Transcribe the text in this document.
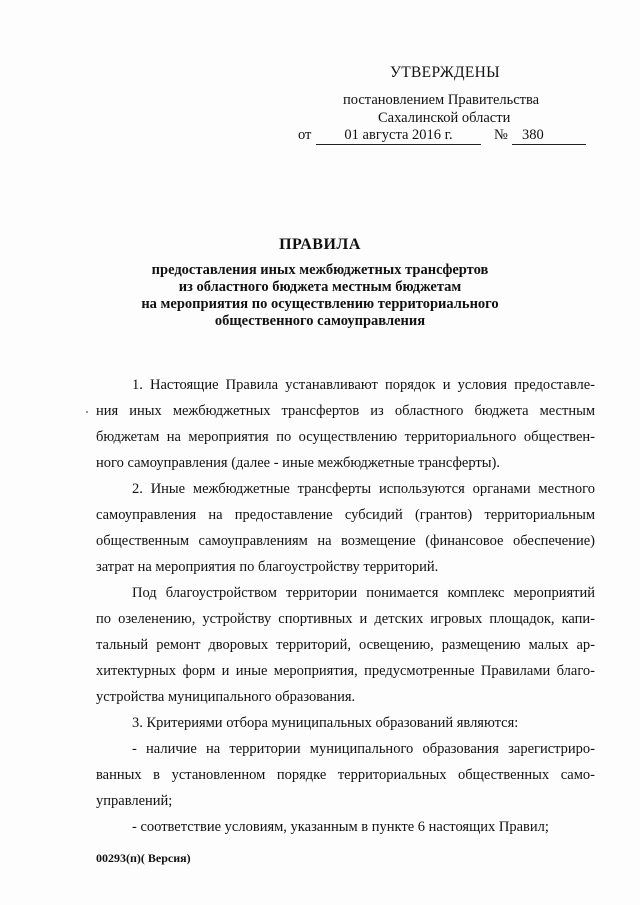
УТВЕРЖДЕНЫ
постановлением Правительства
Сахалинской области
от	01 августа 2016 г.	№ 380
ПРАВИЛА
предоставления иных межбюджетных трансфертов
из областного бюджета местным бюджетам
на мероприятия по осуществлению территориального
общественного самоуправления
1. Настоящие Правила устанавливают порядок и условия предоставле-
ния иных межбюджетных трансфертов из областного бюджета местным
бюджетам на мероприятия по осуществлению территориального обществен-
ного самоуправления (далее - иные межбюджетные трансферты).
2. Иные межбюджетные трансферты используются органами местного
самоуправления на предоставление субсидий (грантов) территориальным
общественным самоуправлениям на возмещение (финансовое обеспечение)
затрат на мероприятия по благоустройству территорий.
Под благоустройством территории понимается комплекс мероприятий
по озеленению, устройству спортивных и детских игровых площадок, капи-
тальный ремонт дворовых территорий, освещению, размещению малых ар-
хитектурных форм и иные мероприятия, предусмотренные Правилами благо-
устройства муниципального образования.
3. Критериями отбора муниципальных образований являются:
- наличие на территории муниципального образования зарегистриро-
ванных в установленном порядке территориальных общественных само-
управлений;
- соответствие условиям, указанным в пункте 6 настоящих Правил;
00293(п)( Версия)
